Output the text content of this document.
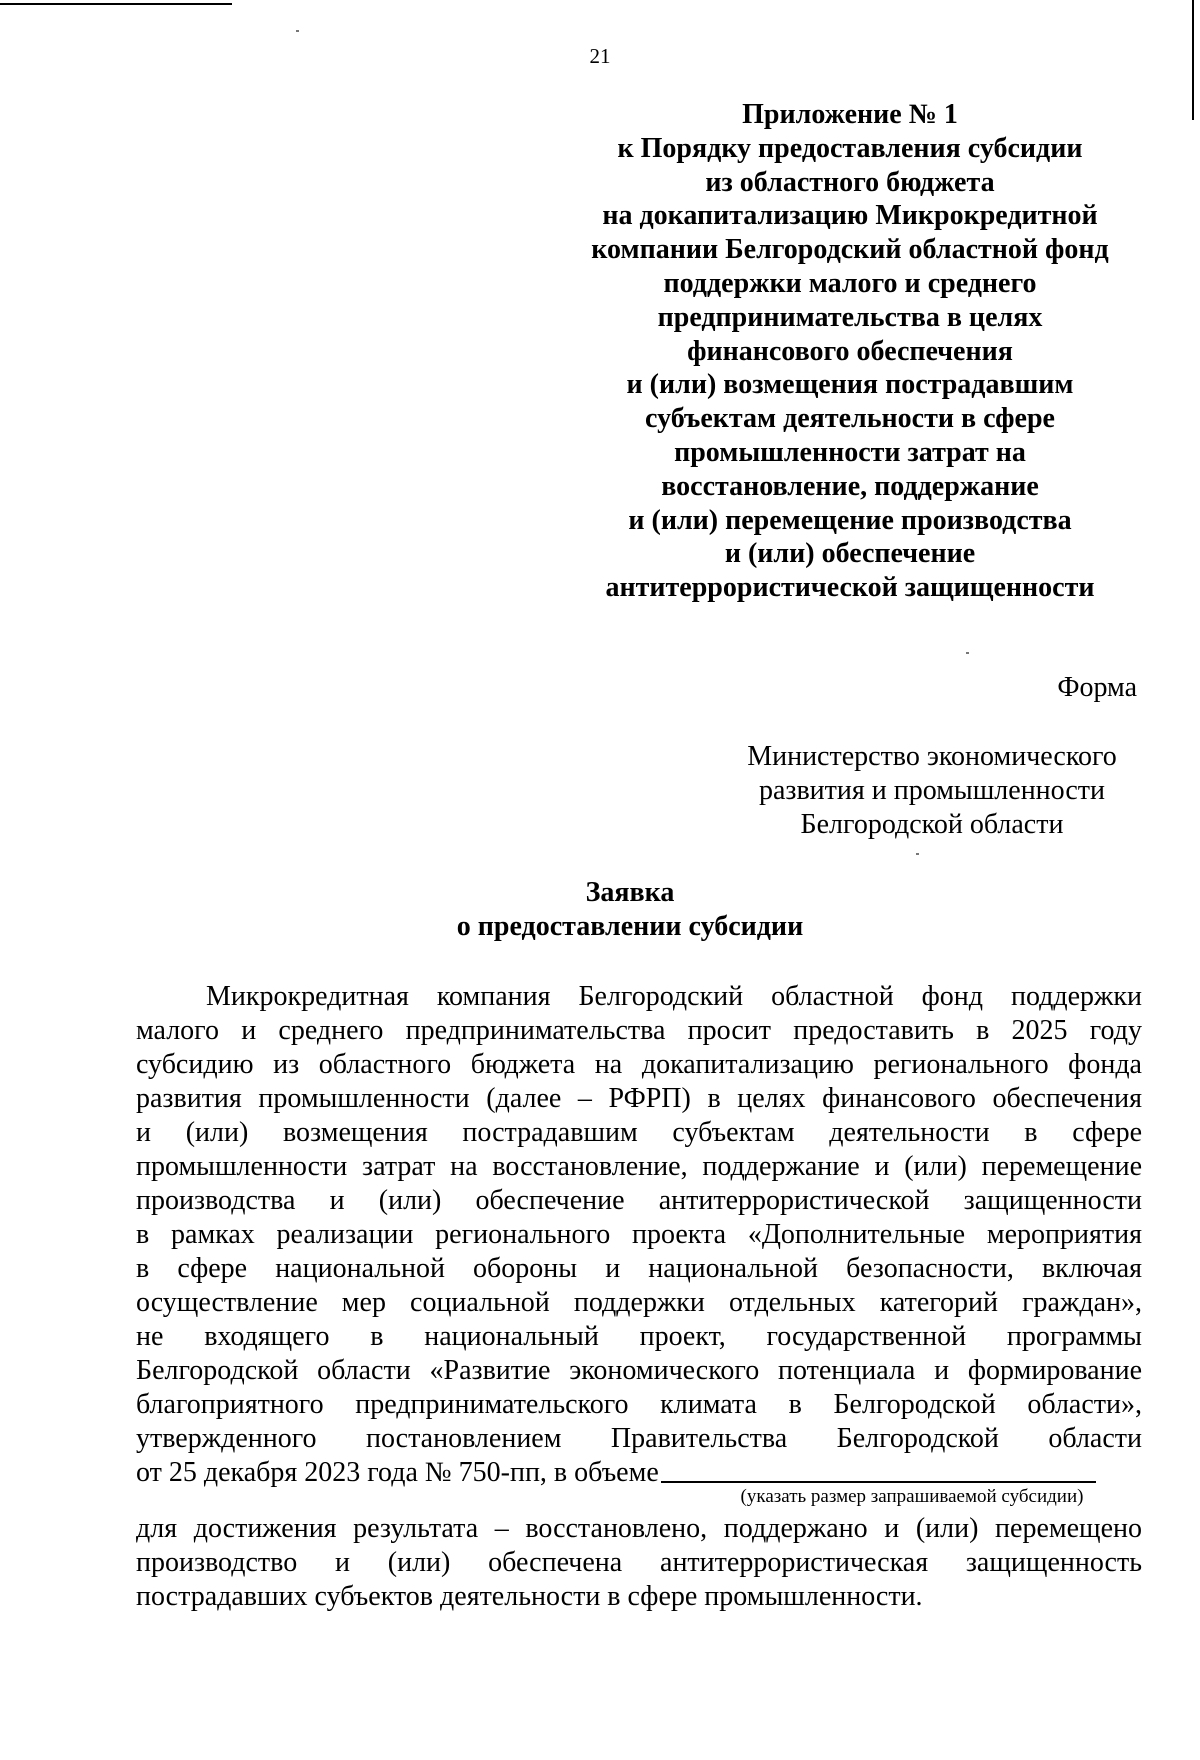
21
Приложение № 1
к Порядку предоставления субсидии
из областного бюджета
на докапитализацию Микрокредитной
компании Белгородский областной фонд
поддержки малого и среднего
предпринимательства в целях
финансового обеспечения
и (или) возмещения пострадавшим
субъектам деятельности в сфере
промышленности затрат на
восстановление, поддержание
и (или) перемещение производства
и (или) обеспечение
антитеррористической защищенности
Форма
Министерство экономического
развития и промышленности
Белгородской области
Заявка
о предоставлении субсидии
Микрокредитная компания Белгородский областной фонд поддержки
малого и среднего предпринимательства просит предоставить в 2025 году
субсидию из областного бюджета на докапитализацию регионального фонда
развития промышленности (далее – РФРП) в целях финансового обеспечения
и (или) возмещения пострадавшим субъектам деятельности в сфере
промышленности затрат на восстановление, поддержание и (или) перемещение
производства и (или) обеспечение антитеррористической защищенности
в рамках реализации регионального проекта «Дополнительные мероприятия
в сфере национальной обороны и национальной безопасности, включая
осуществление мер социальной поддержки отдельных категорий граждан»,
не входящего в национальный проект, государственной программы
Белгородской области «Развитие экономического потенциала и формирование
благоприятного предпринимательского климата в Белгородской области»,
утвержденного постановлением Правительства Белгородской области
от 25 декабря 2023 года № 750-пп, в объеме
(указать размер запрашиваемой субсидии)
для достижения результата – восстановлено, поддержано и (или) перемещено
производство и (или) обеспечена антитеррористическая защищенность
пострадавших субъектов деятельности в сфере промышленности.
